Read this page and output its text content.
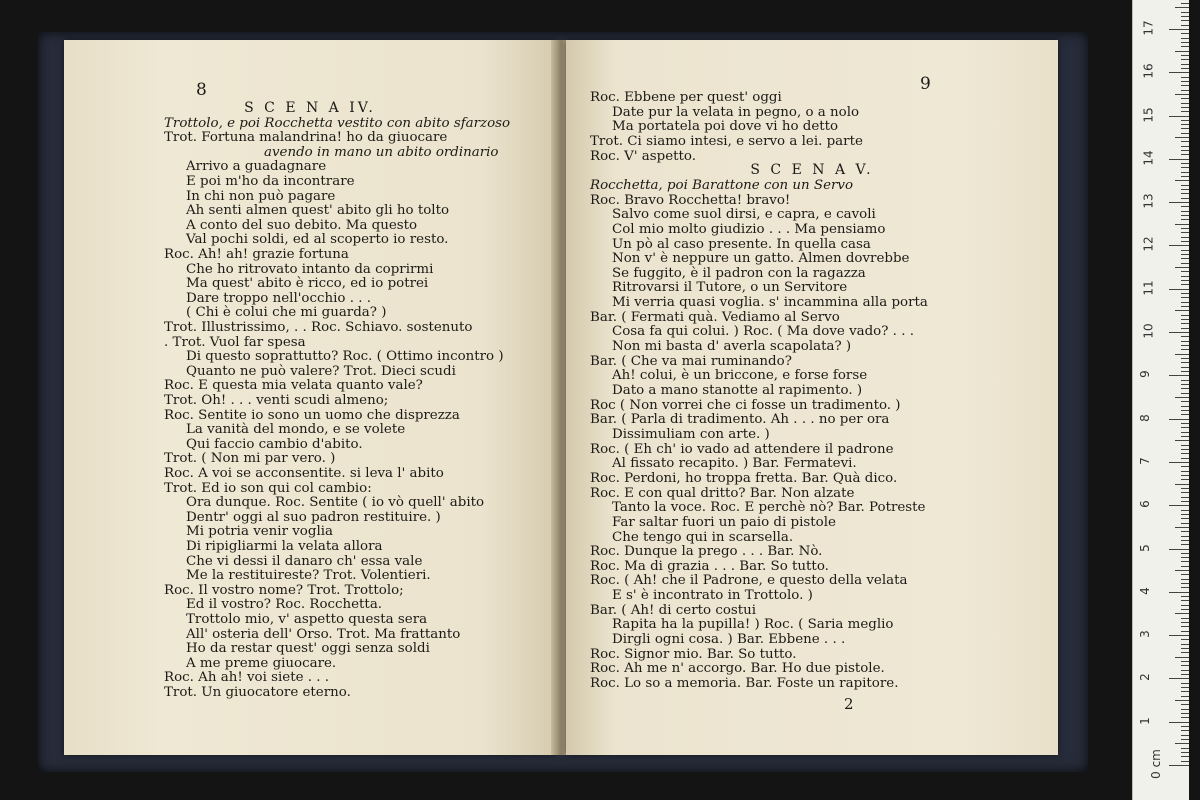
8
S C E N A IV.
Trottolo, e poi Rocchetta vestito con abito sfarzoso
Trot. Fortuna malandrina! ho da giuocare
avendo in mano un abito ordinario
Arrivo a guadagnare
E poi m'ho da incontrare
In chi non può pagare
Ah senti almen quest' abito gli ho tolto
A conto del suo debito. Ma questo
Val pochi soldi, ed al scoperto io resto.
Roc. Ah! ah! grazie fortuna
Che ho ritrovato intanto da coprirmi
Ma quest' abito è ricco, ed io potrei
Dare troppo nell'occhio . . .
( Chi è colui che mi guarda? )
Trot. Illustrissimo, . . Roc. Schiavo. sostenuto
. Trot. Vuol far spesa
Di questo soprattutto? Roc. ( Ottimo incontro )
Quanto ne può valere? Trot. Dieci scudi
Roc. E questa mia velata quanto vale?
Trot. Oh! . . . venti scudi almeno;
Roc. Sentite io sono un uomo che disprezza
La vanità del mondo, e se volete
Qui faccio cambio d'abito.
Trot. ( Non mi par vero. )
Roc. A voi se acconsentite. si leva l' abito
Trot. Ed io son qui col cambio:
Ora dunque. Roc. Sentite ( io vò quell' abito
Dentr' oggi al suo padron restituire. )
Mi potria venir voglia
Di ripigliarmi la velata allora
Che vi dessi il danaro ch' essa vale
Me la restituireste? Trot. Volentieri.
Roc. Il vostro nome? Trot. Trottolo;
Ed il vostro? Roc. Rocchetta.
Trottolo mio, v' aspetto questa sera
All' osteria dell' Orso. Trot. Ma frattanto
Ho da restar quest' oggi senza soldi
A me preme giuocare.
Roc. Ah ah! voi siete . . .
Trot. Un giuocatore eterno.
9
Roc. Ebbene per quest' oggi
Date pur la velata in pegno, o a nolo
Ma portatela poi dove vi ho detto
Trot. Ci siamo intesi, e servo a lei. parte
Roc. V' aspetto.
S C E N A V.
Rocchetta, poi Barattone con un Servo
Roc. Bravo Rocchetta! bravo!
Salvo come suol dirsi, e capra, e cavoli
Col mio molto giudizio . . . Ma pensiamo
Un pò al caso presente. In quella casa
Non v' è neppure un gatto. Almen dovrebbe
Se fuggito, è il padron con la ragazza
Ritrovarsi il Tutore, o un Servitore
Mi verria quasi voglia. s' incammina alla porta
Bar. ( Fermati quà. Vediamo al Servo
Cosa fa qui colui. ) Roc. ( Ma dove vado? . . .
Non mi basta d' averla scapolata? )
Bar. ( Che va mai ruminando?
Ah! colui, è un briccone, e forse forse
Dato a mano stanotte al rapimento. )
Roc ( Non vorrei che ci fosse un tradimento. )
Bar. ( Parla di tradimento. Ah . . . no per ora
Dissimuliam con arte. )
Roc. ( Eh ch' io vado ad attendere il padrone
Al fissato recapito. ) Bar. Fermatevi.
Roc. Perdoni, ho troppa fretta. Bar. Quà dico.
Roc. E con qual dritto? Bar. Non alzate
Tanto la voce. Roc. E perchè nò? Bar. Potreste
Far saltar fuori un paio di pistole
Che tengo qui in scarsella.
Roc. Dunque la prego . . . Bar. Nò.
Roc. Ma di grazia . . . Bar. So tutto.
Roc. ( Ah! che il Padrone, e questo della velata
E s' è incontrato in Trottolo. )
Bar. ( Ah! di certo costui
Rapita ha la pupilla! ) Roc. ( Saria meglio
Dirgli ogni cosa. ) Bar. Ebbene . . .
Roc. Signor mio. Bar. So tutto.
Roc. Ah me n' accorgo. Bar. Ho due pistole.
Roc. Lo so a memoria. Bar. Foste un rapitore.
2
0 cm
1
2
3
4
5
6
7
8
9
10
11
12
13
14
15
16
17
